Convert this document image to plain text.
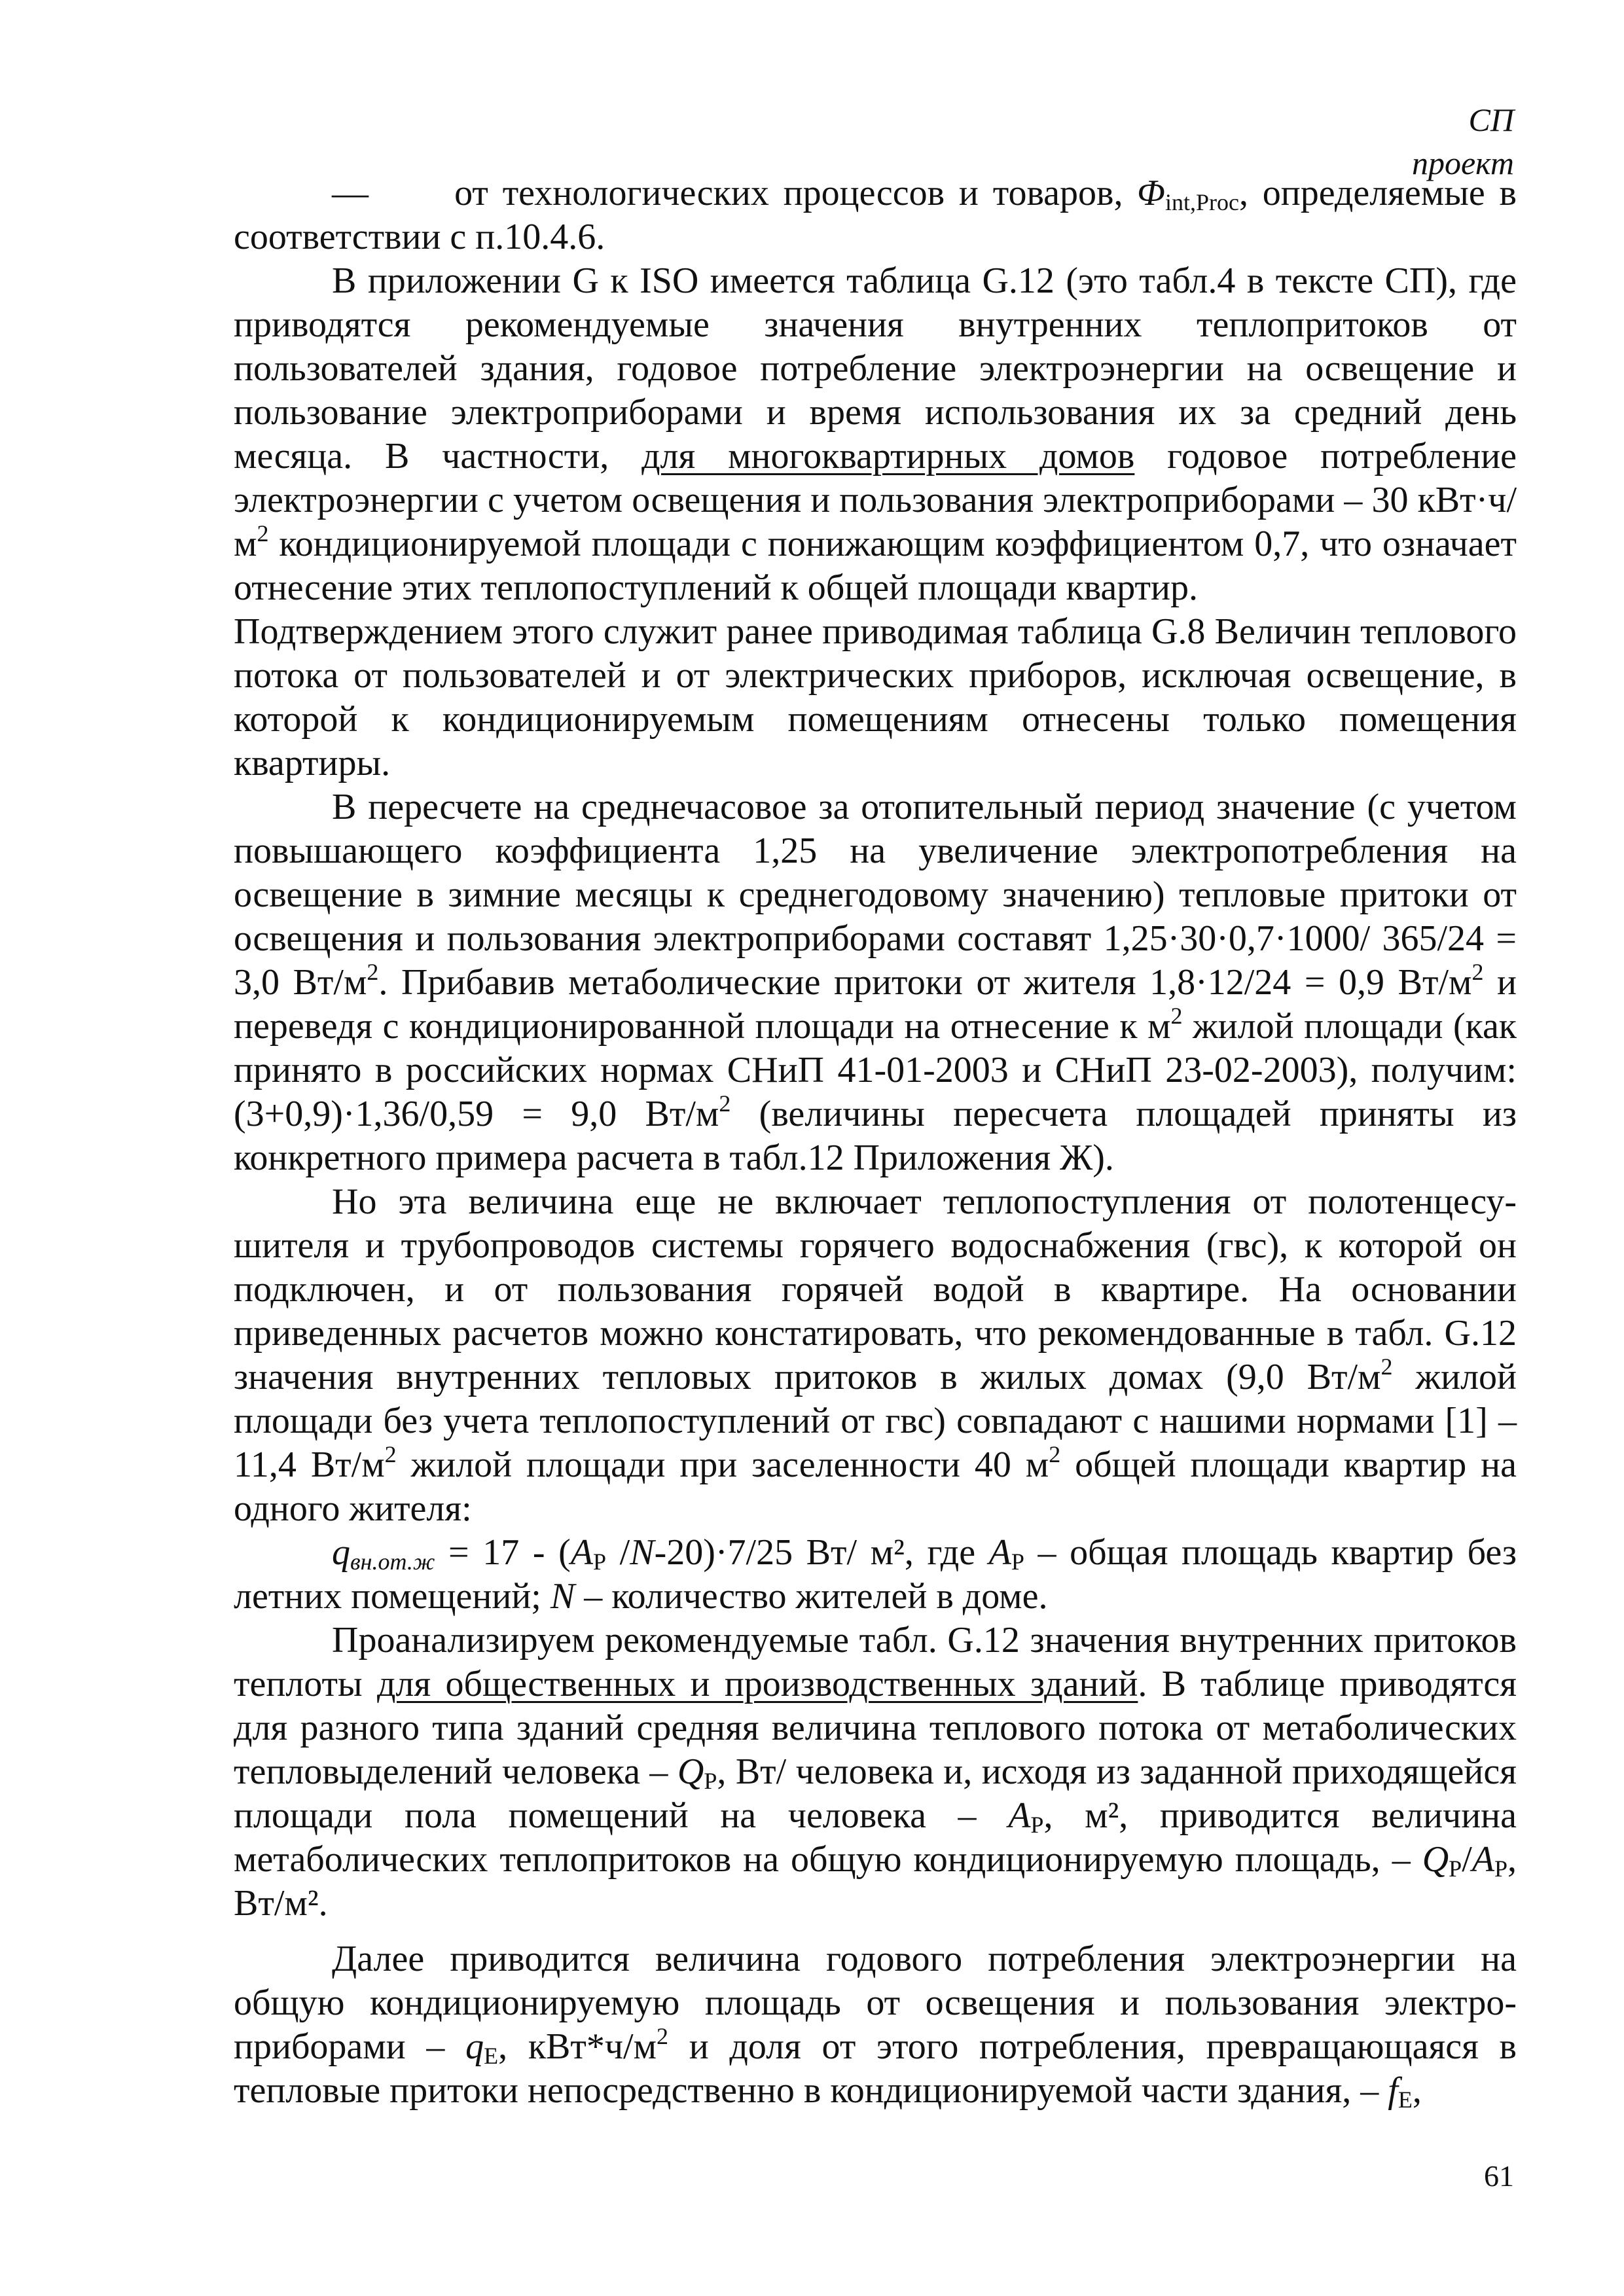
СП
проект

— от технологических процессов и товаров, $\Phi_{int,Proc}$, определяемые в соответствии с п.10.4.6.

В приложении G к ISO имеется таблица G.12 (это табл.4 в тексте СП), где приводятся рекомендуемые значения внутренних теплопритоков от пользователей здания, годовое потребление электроэнергии на освещение и пользование электроприборами и время использования их за средний день месяца. В частности, для многоквартирных домов годовое потребление электроэнергии с учетом освещения и пользования электроприборами – 30 $кВт\cdot ч/м^2$ кондиционируемой площади с понижающим коэффициентом 0,7, что означает отнесение этих теплопоступлений к общей площади квартир.

Подтверждением этого служит ранее приводимая таблица G.8 Величин теплового потока от пользователей и от электрических приборов, исключая освещение, в которой к кондиционируемым помещениям отнесены только помещения квартиры.

В пересчете на среднечасовое за отопительный период значение (с учетом повышающего коэффициента 1,25 на увеличение электропотребления на освещение в зимние месяцы к среднегодовому значению) тепловые притоки от освещения и пользования электроприборами составят 1,25·30·0,7·1000/ 365/24 = 3,0 $Вт/м^2$. Прибавив метаболические притоки от жителя 1,8·12/24 = 0,9 $Вт/м^2$ и переведя с кондиционированной площади на отнесение к $м^2$ жилой площади (как принято в российских нормах СНиП 41-01-2003 и СНиП 23-02-2003), получим: (3+0,9)·1,36/0,59 = 9,0 $Вт/м^2$ (величины пересчета площадей приняты из конкретного примера расчета в табл.12 Приложения Ж).

Но эта величина еще не включает теплопоступления от полотенцесушителя и трубопроводов системы горячего водоснабжения (гвс), к которой он подключен, и от пользования горячей водой в квартире. На основании приведенных расчетов можно констатировать, что рекомендованные в табл. G.12 значения внутренних тепловых притоков в жилых домах (9,0 $Вт/м^2$ жилой площади без учета теплопоступлений от гвс) совпадают с нашими нормами [1] – 11,4 $Вт/м^2$ жилой площади при заселенности 40 $м^2$ общей площади квартир на одного жителя:

$q_{вн.от.ж} = 17 - (A_Р$ /N-20)·7/25 Вт/ м², где $A_Р$ – общая площадь квартир без летних помещений; N – количество жителей в доме.

Проанализируем рекомендуемые табл. G.12 значения внутренних притоков теплоты для общественных и производственных зданий. В таблице приводятся для разного типа зданий средняя величина теплового потока от метаболических тепловыделений человека – $Q_P$, Вт/ человека и, исходя из заданной приходящейся площади пола помещений на человека – $A_P$, м², приводится величина метаболических теплопритоков на общую кондиционируемую площадь, – $Q_P/A_P$, Вт/м².

Далее приводится величина годового потребления электроэнергии на общую кондиционируемую площадь от освещения и пользования электроприборами – $q_E$, $кВт*ч/м^2$ и доля от этого потребления, превращающаяся в тепловые притоки непосредственно в кондиционируемой части здания, – $f_E$,

61
